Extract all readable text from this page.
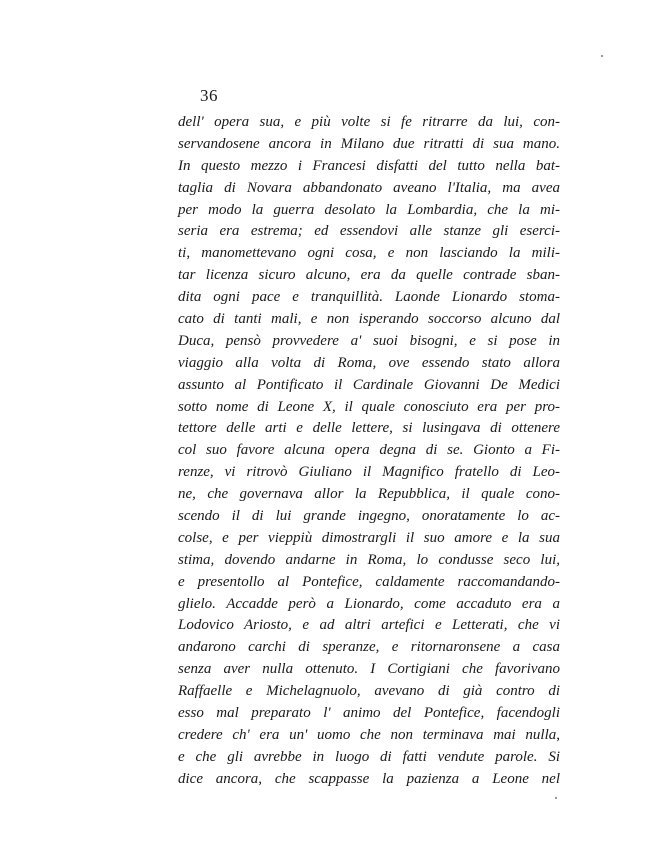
36
dell' opera sua, e più volte si fe ritrarre da lui, con-
servandosene ancora in Milano due ritratti di sua mano.
In questo mezzo i Francesi disfatti del tutto nella bat-
taglia di Novara abbandonato aveano l'Italia, ma avea
per modo la guerra desolato la Lombardia, che la mi-
seria era estrema; ed essendovi alle stanze gli eserci-
ti, manomettevano ogni cosa, e non lasciando la mili-
tar licenza sicuro alcuno, era da quelle contrade sban-
dita ogni pace e tranquillità. Laonde Lionardo stoma-
cato di tanti mali, e non isperando soccorso alcuno dal
Duca, pensò provvedere a' suoi bisogni, e si pose in
viaggio alla volta di Roma, ove essendo stato allora
assunto al Pontificato il Cardinale Giovanni De Medici
sotto nome di Leone X, il quale conosciuto era per pro-
tettore delle arti e delle lettere, si lusingava di ottenere
col suo favore alcuna opera degna di se. Gionto a Fi-
renze, vi ritrovò Giuliano il Magnifico fratello di Leo-
ne, che governava allor la Repubblica, il quale cono-
scendo il di lui grande ingegno, onoratamente lo ac-
colse, e per vieppiù dimostrargli il suo amore e la sua
stima, dovendo andarne in Roma, lo condusse seco lui,
e presentollo al Pontefice, caldamente raccomandando-
glielo. Accadde però a Lionardo, come accaduto era a
Lodovico Ariosto, e ad altri artefici e Letterati, che vi
andarono carchi di speranze, e ritornaronsene a casa
senza aver nulla ottenuto. I Cortigiani che favorivano
Raffaelle e Michelagnuolo, avevano di già contro di
esso mal preparato l' animo del Pontefice, facendogli
credere ch' era un' uomo che non terminava mai nulla,
e che gli avrebbe in luogo di fatti vendute parole. Si
dice ancora, che scappasse la pazienza a Leone nel
